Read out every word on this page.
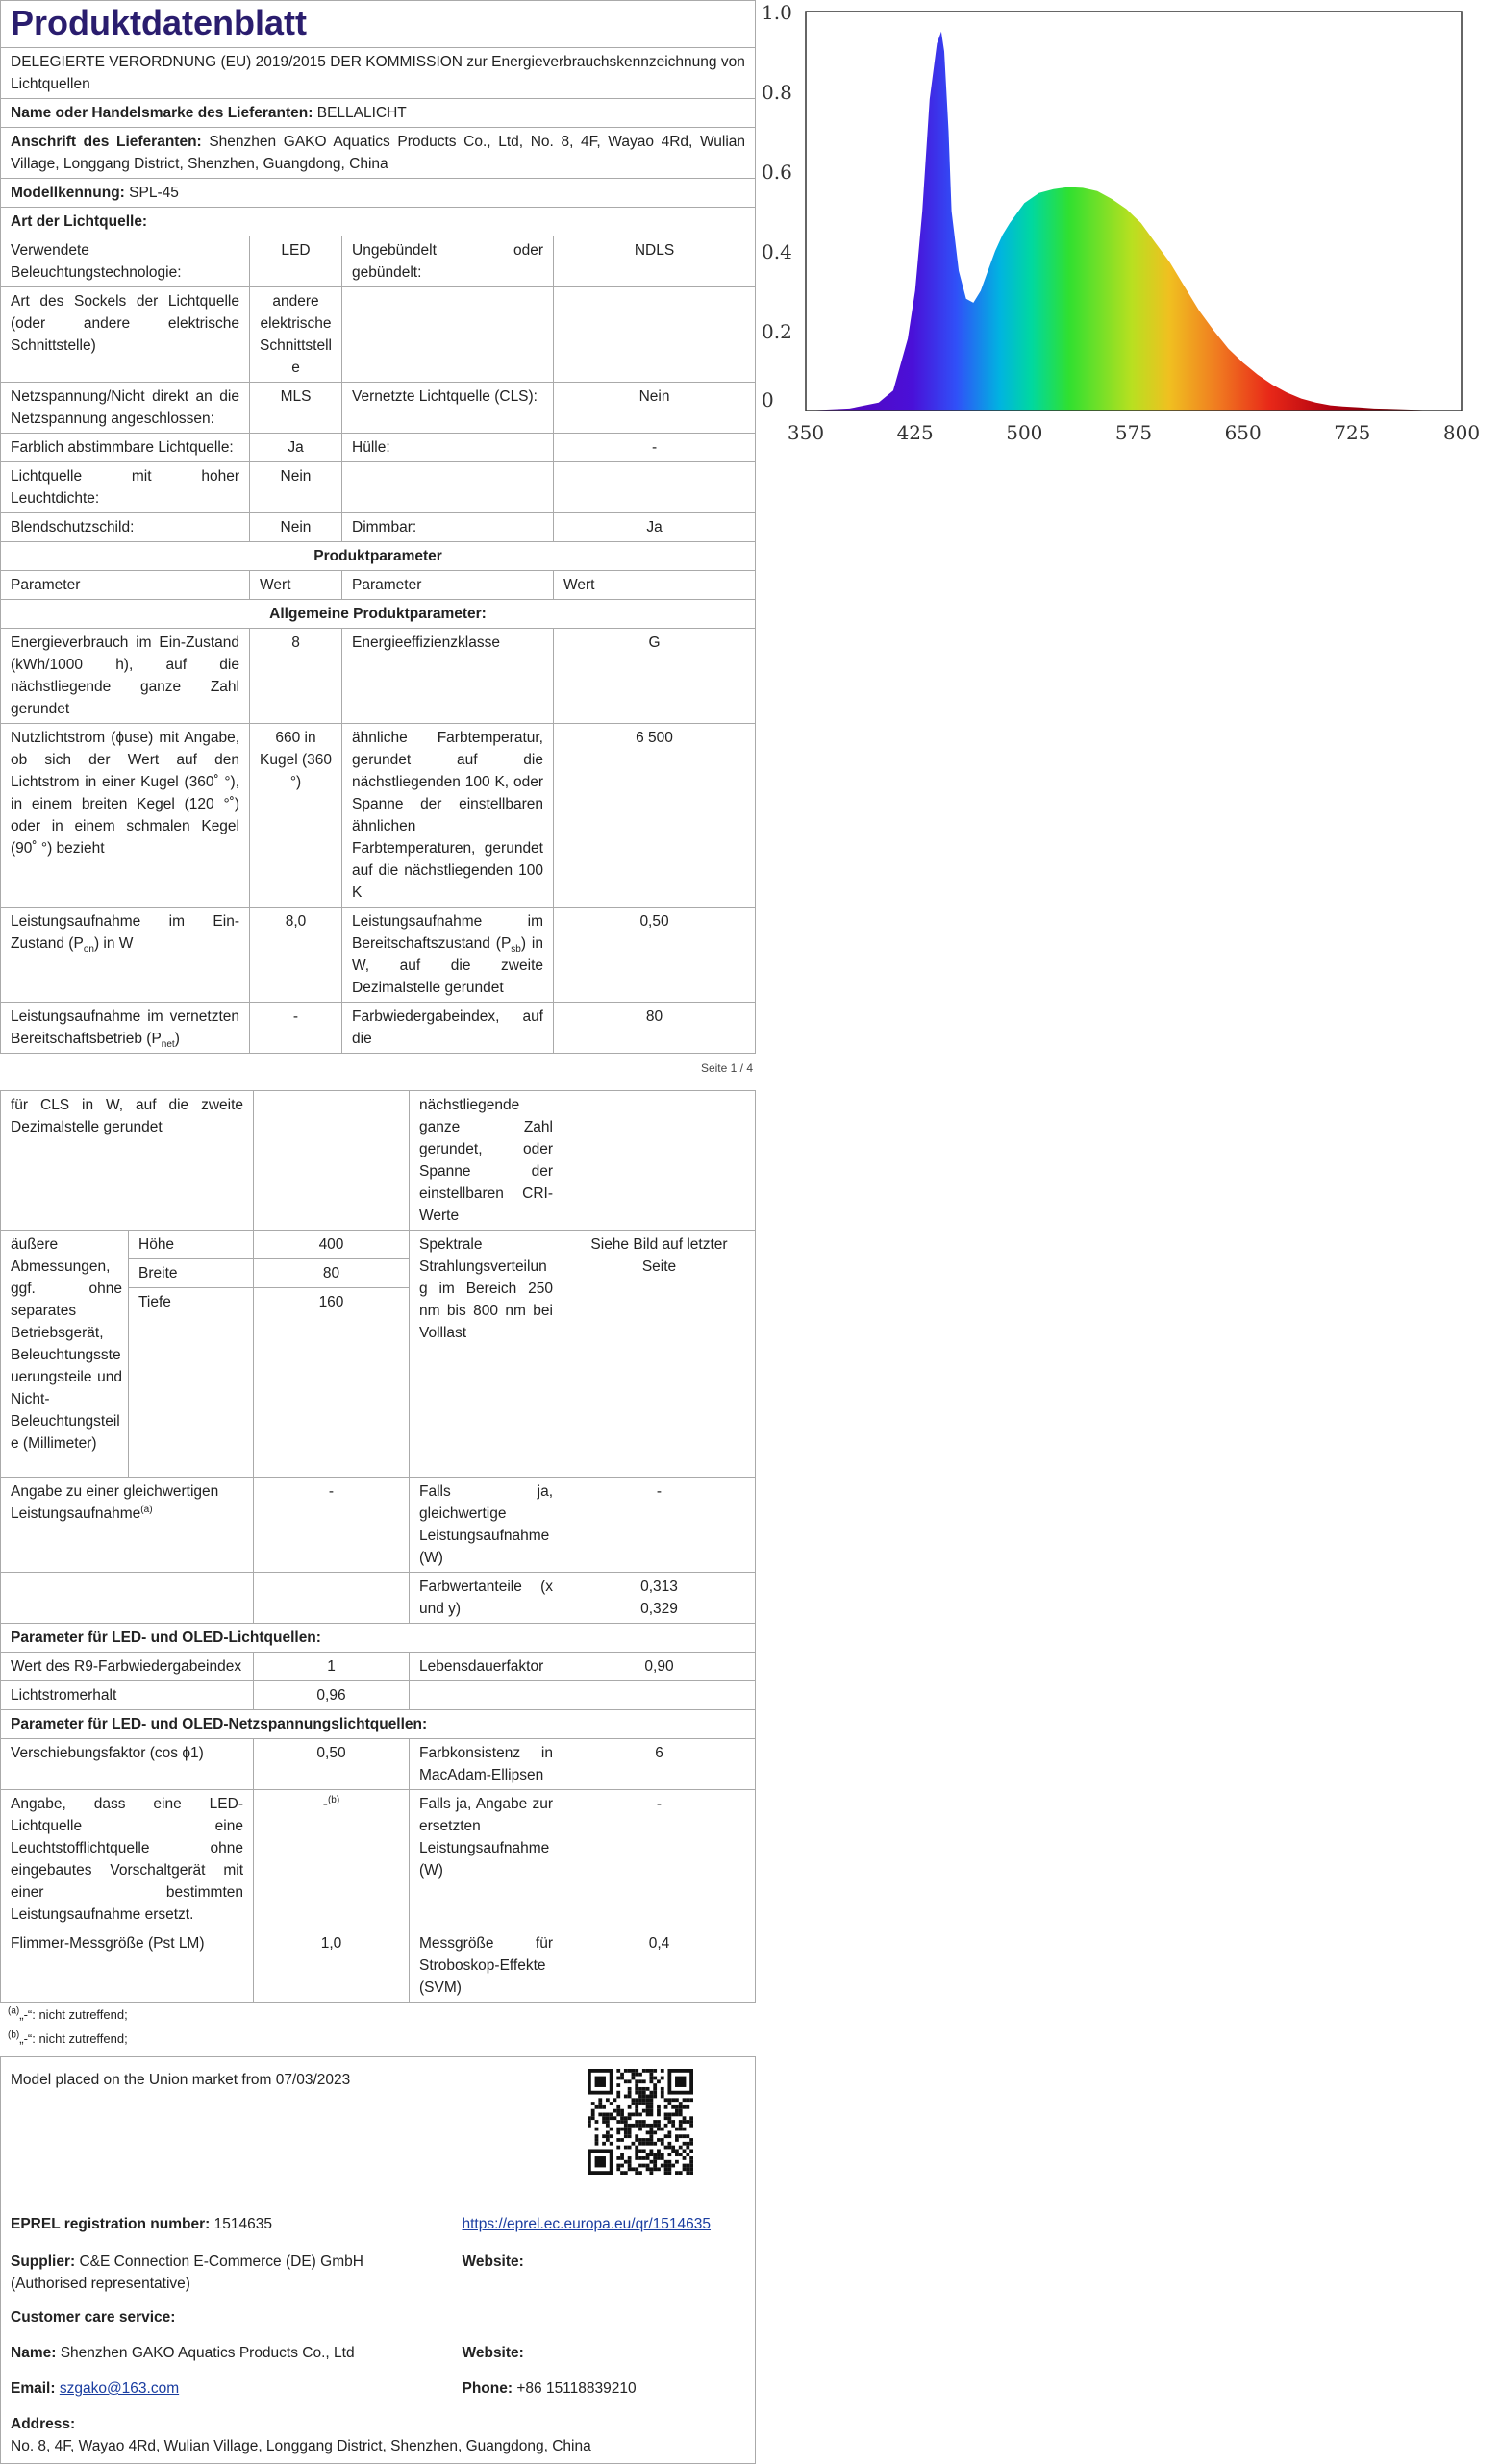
Produktdatenblatt			
DELEGIERTE VERORDNUNG (EU) 2019/2015 DER KOMMISSION zur Energieverbrauchskennzeichnung von Lichtquellen			
Name oder Handelsmarke des Lieferanten: BELLALICHT			
Anschrift des Lieferanten: Shenzhen GAKO Aquatics Products Co., Ltd, No. 8, 4F, Wayao 4Rd, Wulian Village, Longgang District, Shenzhen, Guangdong, China			
Modellkennung: SPL-45			
Art der Lichtquelle:			
Verwendete Beleuchtungstechnologie:	LED	Ungebündelt oder gebündelt:	NDLS
Art des Sockels der Lichtquelle (oder andere elektrische Schnittstelle)	andere elektrische Schnittstelle		
Netzspannung/Nicht direkt an die Netzspannung angeschlossen:	MLS	Vernetzte Lichtquelle (CLS):	Nein
Farblich abstimmbare Lichtquelle:	Ja	Hülle:	-
Lichtquelle mit hoher Leuchtdichte:	Nein		
Blendschutzschild:	Nein	Dimmbar:	Ja
Produktparameter			
Parameter	Wert	Parameter	Wert
Allgemeine Produktparameter:			
Energieverbrauch im Ein-Zustand (kWh/1000 h), auf die nächstliegende ganze Zahl gerundet	8	Energieeffizienzklasse	G
Nutzlichtstrom (ϕuse) mit Angabe, ob sich der Wert auf den Lichtstrom in einer Kugel (360˚ °), in einem breiten Kegel (120 °˚) oder in einem schmalen Kegel (90˚ °) bezieht	660 in Kugel (360 °)	ähnliche Farbtemperatur, gerundet auf die nächstliegenden 100 K, oder Spanne der einstellbaren ähnlichen Farbtemperaturen, gerundet auf die nächstliegenden 100 K	6 500
Leistungsaufnahme im Ein-Zustand $(P_{on})$ in W	8,0	Leistungsaufnahme im Bereitschaftszustand $(P_{sb})$ in W, auf die zweite Dezimalstelle gerundet	0,50
Leistungsaufnahme im vernetzten Bereitschaftsbetrieb $(P_{net})$	-	Farbwiedergabeindex, auf die	80
Seite 1 / 4
für CLS in W, auf die zweite Dezimalstelle gerundet			nächstliegende ganze Zahl gerundet, oder Spanne der einstellbaren CRI-Werte	
äußere Abmessungen, ggf. ohne separates Betriebsgerät, Beleuchtungssteuerungsteile und Nicht-Beleuchtungsteile (Millimeter)	Höhe	400	Spektrale Strahlungsverteilung im Bereich 250 nm bis 800 nm bei Volllast	Siehe Bild auf letzter Seite
	Breite	80		
	Tiefe	160		
Angabe zu einer gleichwertigen Leistungsaufnahme$^{(a)}$		-	Falls ja, gleichwertige Leistungsaufnahme (W)	-
			Farbwertanteile (x und y)	0,313
0,329

Parameter für LED- und OLED-Lichtquellen:				
Wert des R9-Farbwiedergabeindex		1	Lebensdauerfaktor	0,90
Lichtstromerhalt		0,96		
Parameter für LED- und OLED-Netzspannungslichtquellen:				
Verschiebungsfaktor (cos ϕ1)		0,50	Farbkonsistenz in MacAdam-Ellipsen	6
Angabe, dass eine LED-Lichtquelle eine Leuchtstofflichtquelle ohne eingebautes Vorschaltgerät mit einer bestimmten Leistungsaufnahme ersetzt.		-$^{(b)}$	Falls ja, Angabe zur ersetzten Leistungsaufnahme (W)	-
Flimmer-Messgröße (Pst LM)		1,0	Messgröße für Stroboskop-Effekte (SVM)	0,4
$^{(a)}$„-“: nicht zutreffend;
$^{(b)}$„-“: nicht zutreffend;
Model placed on the Union market from 07/03/2023	
EPREL registration number: 1514635	https://eprel.ec.europa.eu/qr/1514635
Supplier: C&E Connection E-Commerce (DE) GmbH (Authorised representative)	Website:
Customer care service:	
Name: Shenzhen GAKO Aquatics Products Co., Ltd	Website:
Email: szgako@163.com	Phone: +86 15118839210
Address:
No. 8, 4F, Wayao 4Rd, Wulian Village, Longgang District, Shenzhen, Guangdong, China	
350	425	500	575	650	725	800
0
0.2
0.4
0.6
0.8
1.0
